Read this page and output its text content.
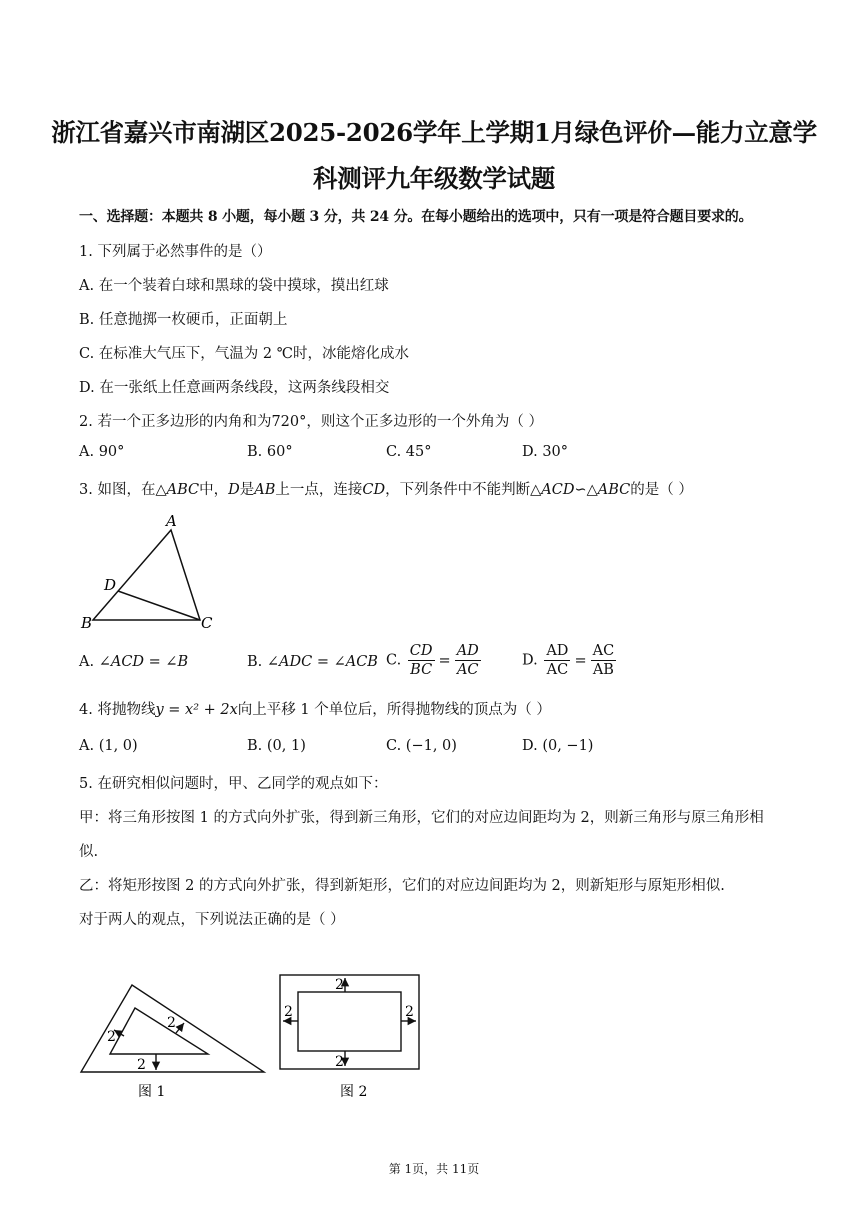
浙江省嘉兴市南湖区2025-2026学年上学期1月绿色评价—能力立意学
科测评九年级数学试题
一、选择题：本题共 8 小题，每小题 3 分，共 24 分。在每小题给出的选项中，只有一项是符合题目要求的。
1. 下列属于必然事件的是（）
A. 在一个装着白球和黑球的袋中摸球，摸出红球
B. 任意抛掷一枚硬币，正面朝上
C. 在标准大气压下，气温为 2 ℃时，冰能熔化成水
D. 在一张纸上任意画两条线段，这两条线段相交
2. 若一个正多边形的内角和为720°，则这个正多边形的一个外角为（ ）
A. 90°	B. 60°	C. 45°	D. 30°
3. 如图，在△ABC中，D是AB上一点，连接CD，下列条件中不能判断△ACD∽△ABC的是（ ）
A
B	C
D
A. ∠ACD = ∠B	B. ∠ADC = ∠ACB C. $\frac{CD}{BC} = \frac{AD}{AC}$	D. $\frac{AD}{AC} = \frac{AC}{AB}$
4. 将抛物线y = x² + 2x向上平移 1 个单位后，所得抛物线的顶点为（ ）
A. (1, 0)	B. (0, 1)	C. (−1, 0)	D. (0, −1)
5. 在研究相似问题时，甲、乙同学的观点如下：
甲：将三角形按图 1 的方式向外扩张，得到新三角形，它们的对应边间距均为 2，则新三角形与原三角形相
似.
乙：将矩形按图 2 的方式向外扩张，得到新矩形，它们的对应边间距均为 2，则新矩形与原矩形相似.
对于两人的观点，下列说法正确的是（ ）
2
2
2
图 1
2
2
2	2
图 2
第 1页，共 11页
